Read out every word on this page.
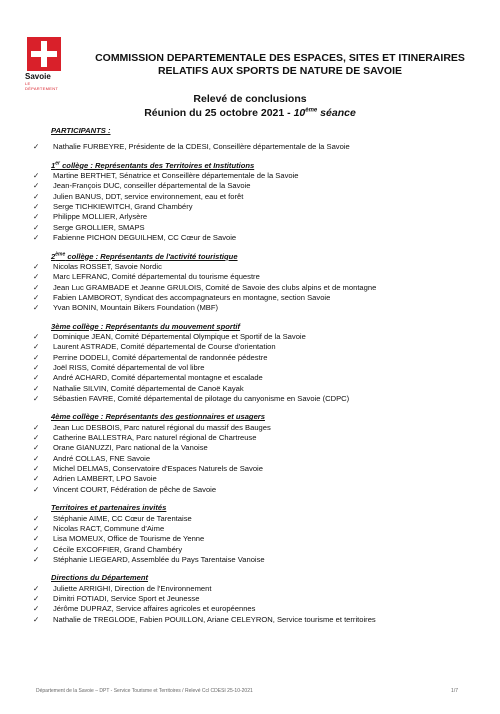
Savoie
LE DÉPARTEMENT
COMMISSION DEPARTEMENTALE DES ESPACES, SITES ET ITINERAIRES
RELATIFS AUX SPORTS DE NATURE DE SAVOIE
Relevé de conclusions
Réunion du 25 octobre 2021 - 10ème séance
PARTICIPANTS :
✓	Nathalie FURBEYRE, Présidente de la CDESI, Conseillère départementale de la Savoie
1er collège : Représentants des Territoires et Institutions
✓	Martine BERTHET, Sénatrice et Conseillère départementale de la Savoie
✓	Jean-François DUC, conseiller départemental de la Savoie
✓	Julien BANUS, DDT, service environnement, eau et forêt
✓	Serge TICHKIEWITCH, Grand Chambéry
✓	Philippe MOLLIER, Arlysère
✓	Serge GROLLIER, SMAPS
✓	Fabienne PICHON DEGUILHEM, CC Cœur de Savoie
2ème collège : Représentants de l'activité touristique
✓	Nicolas ROSSET, Savoie Nordic
✓	Marc LEFRANC, Comité départemental du tourisme équestre
✓	Jean Luc GRAMBADE et Jeanne GRULOIS, Comité de Savoie des clubs alpins et de montagne
✓	Fabien LAMBOROT, Syndicat des accompagnateurs en montagne, section Savoie
✓	Yvan BONIN, Mountain Bikers Foundation (MBF)
3ème collège : Représentants du mouvement sportif
✓	Dominique JEAN, Comité Départemental Olympique et Sportif de la Savoie
✓	Laurent ASTRADE, Comité départemental de Course d'orientation
✓	Perrine DODELI, Comité départemental de randonnée pédestre
✓	Joël RISS, Comité départemental de vol libre
✓	André ACHARD, Comité départemental montagne et escalade
✓	Nathalie SILVIN, Comité départemental de Canoë Kayak
✓	Sébastien FAVRE, Comité départemental de pilotage du canyonisme en Savoie (CDPC)
4ème collège : Représentants des gestionnaires et usagers
✓	Jean Luc DESBOIS, Parc naturel régional du massif des Bauges
✓	Catherine BALLESTRA, Parc naturel régional de Chartreuse
✓	Orane GIANUZZI, Parc national de la Vanoise
✓	André COLLAS, FNE Savoie
✓	Michel DELMAS, Conservatoire d'Espaces Naturels de Savoie
✓	Adrien LAMBERT, LPO Savoie
✓	Vincent COURT, Fédération de pêche de Savoie
Territoires et partenaires invités
✓	Stéphanie AIME, CC Cœur de Tarentaise
✓	Nicolas RACT, Commune d'Aime
✓	Lisa MOMEUX, Office de Tourisme de Yenne
✓	Cécile EXCOFFIER, Grand Chambéry
✓	Stéphanie LIEGEARD, Assemblée du Pays Tarentaise Vanoise
Directions du Département
✓	Juliette ARRIGHI, Direction de l'Environnement
✓	Dimitri FOTIADI, Service Sport et Jeunesse
✓	Jérôme DUPRAZ, Service affaires agricoles et européennes
✓	Nathalie de TREGLODE, Fabien POUILLON, Ariane CELEYRON, Service tourisme et territoires
Département de la Savoie – DPT - Service Tourisme et Territoires / Relevé Ccl CDESI 25-10-2021	1/7
